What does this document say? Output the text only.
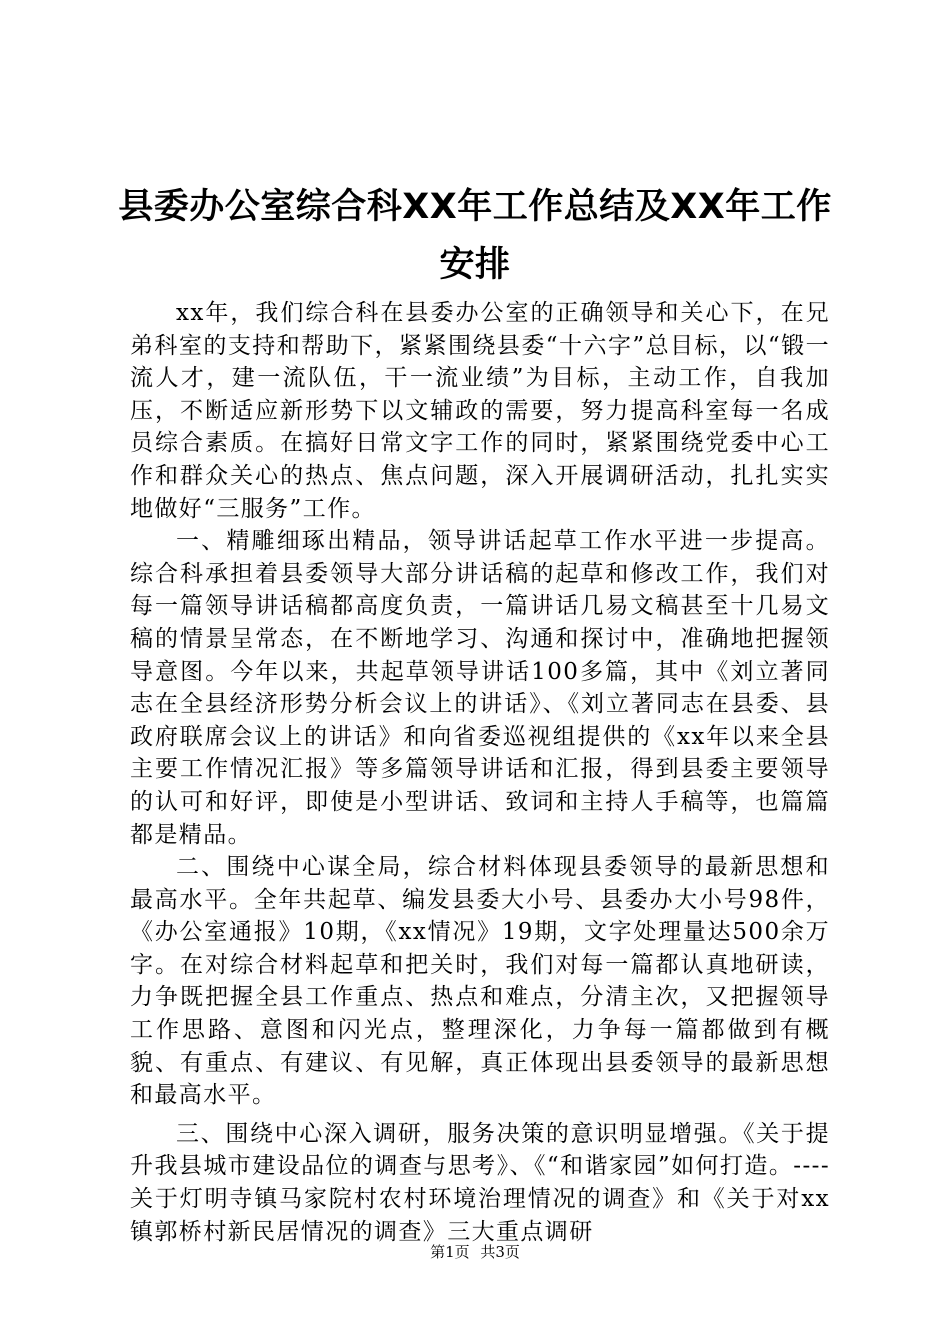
县委办公室综合科XX年工作总结及XX年工作安排

xx年，我们综合科在县委办公室的正确领导和关心下，在兄弟科室的支持和帮助下，紧紧围绕县委“十六字”总目标，以“锻一流人才，建一流队伍，干一流业绩”为目标，主动工作，自我加压，不断适应新形势下以文辅政的需要，努力提高科室每一名成员综合素质。在搞好日常文字工作的同时，紧紧围绕党委中心工作和群众关心的热点、焦点问题，深入开展调研活动，扎扎实实地做好“三服务”工作。

一、精雕细琢出精品，领导讲话起草工作水平进一步提高。综合科承担着县委领导大部分讲话稿的起草和修改工作，我们对每一篇领导讲话稿都高度负责，一篇讲话几易文稿甚至十几易文稿的情景呈常态，在不断地学习、沟通和探讨中，准确地把握领导意图。今年以来，共起草领导讲话100多篇，其中《刘立著同志在全县经济形势分析会议上的讲话》、《刘立著同志在县委、县政府联席会议上的讲话》和向省委巡视组提供的《xx年以来全县主要工作情况汇报》等多篇领导讲话和汇报，得到县委主要领导的认可和好评，即使是小型讲话、致词和主持人手稿等，也篇篇都是精品。

二、围绕中心谋全局，综合材料体现县委领导的最新思想和最高水平。全年共起草、编发县委大小号、县委办大小号98件，《办公室通报》10期，《xx情况》19期，文字处理量达500余万字。在对综合材料起草和把关时，我们对每一篇都认真地研读，力争既把握全县工作重点、热点和难点，分清主次，又把握领导工作思路、意图和闪光点，整理深化，力争每一篇都做到有概貌、有重点、有建议、有见解，真正体现出县委领导的最新思想和最高水平。

三、围绕中心深入调研，服务决策的意识明显增强。《关于提升我县城市建设品位的调查与思考》、《“和谐家园”如何打造。----关于灯明寺镇马家院村农村环境治理情况的调查》和《关于对xx镇郭桥村新民居情况的调查》三大重点调研

第1页 共3页
